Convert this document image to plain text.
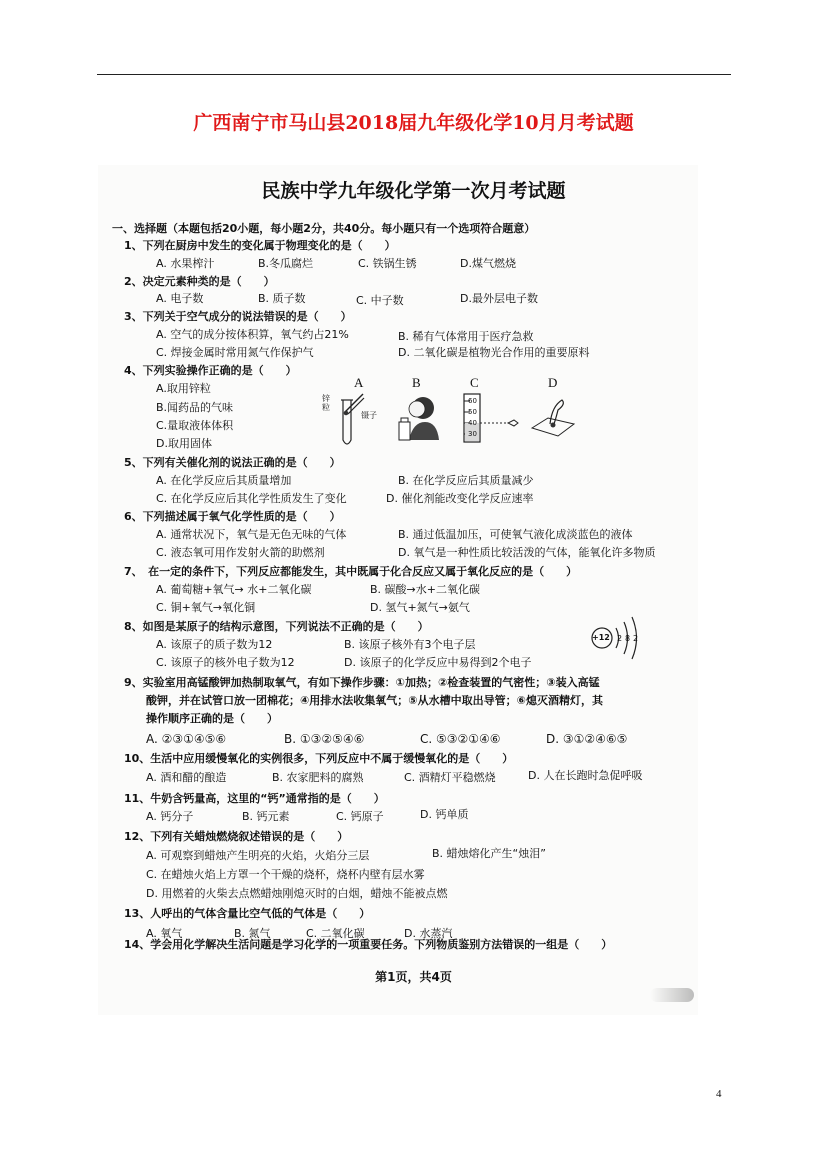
广西南宁市马山县2018届九年级化学10月月考试题
民族中学九年级化学第一次月考试题
一、选择题（本题包括20小题，每小题2分，共40分。每小题只有一个选项符合题意）
1、下列在厨房中发生的变化属于物理变化的是（　　）
A. 水果榨汁	B.冬瓜腐烂	C. 铁锅生锈	D.煤气燃烧
2、决定元素种类的是（　　）
A. 电子数	B. 质子数	C. 中子数	D.最外层电子数
3、下列关于空气成分的说法错误的是（　　）
A. 空气的成分按体积算，氧气约占21%	B. 稀有气体常用于医疗急救
C. 焊接金属时常用氮气作保护气	D. 二氧化碳是植物光合作用的重要原料
4、下列实验操作正确的是（　　）
A.取用锌粒
B.闻药品的气味
C.量取液体体积
D.取用固体
A	B	C	D
锌粒
镊子
60
50
40
30
5、下列有关催化剂的说法正确的是（　　）
A. 在化学反应后其质量增加	B. 在化学反应后其质量减少
C. 在化学反应后其化学性质发生了变化	D. 催化剂能改变化学反应速率
6、下列描述属于氧气化学性质的是（　　）
A. 通常状况下，氧气是无色无味的气体	B. 通过低温加压，可使氧气液化成淡蓝色的液体
C. 液态氧可用作发射火箭的助燃剂	D. 氧气是一种性质比较活泼的气体，能氧化许多物质
7、　在一定的条件下，下列反应都能发生，其中既属于化合反应又属于氧化反应的是（　　）
A. 葡萄糖+氧气→ 水+二氧化碳	B. 碳酸→水+二氧化碳
C. 铜+氧气→氧化铜	D. 氢气+氮气→氨气
8、如图是某原子的结构示意图，下列说法不正确的是（　　）
A. 该原子的质子数为12	B. 该原子核外有3个电子层
C. 该原子的核外电子数为12	D. 该原子的化学反应中易得到2个电子
+12 2 8 2
9、实验室用高锰酸钾加热制取氧气，有如下操作步骤：①加热；②检查装置的气密性；③装入高锰
酸钾，并在试管口放一团棉花；④用排水法收集氧气；⑤从水槽中取出导管；⑥熄灭酒精灯，其
操作顺序正确的是（　　）
A. ②③①④⑤⑥	B. ①③②⑤④⑥	C. ⑤③②①④⑥	D. ③①②④⑥⑤
10、生活中应用缓慢氧化的实例很多，下列反应中不属于缓慢氧化的是（　　）
A. 酒和醋的酿造	B. 农家肥料的腐熟	C. 酒精灯平稳燃烧	D. 人在长跑时急促呼吸
11、牛奶含钙量高，这里的“钙”通常指的是（　　）
A. 钙分子	B. 钙元素	C. 钙原子	D. 钙单质
12、下列有关蜡烛燃烧叙述错误的是（　　）
A. 可观察到蜡烛产生明亮的火焰，火焰分三层	B. 蜡烛熔化产生“烛泪”
C. 在蜡烛火焰上方罩一个干燥的烧杯，烧杯内壁有层水雾
D. 用燃着的火柴去点燃蜡烛刚熄灭时的白烟，蜡烛不能被点燃
13、人呼出的气体含量比空气低的气体是（　　）
A. 氧气	B. 氮气	C. 二氧化碳	D. 水蒸汽
14、学会用化学解决生活问题是学习化学的一项重要任务。下列物质鉴别方法错误的一组是（　　）
第1页，共4页
4
